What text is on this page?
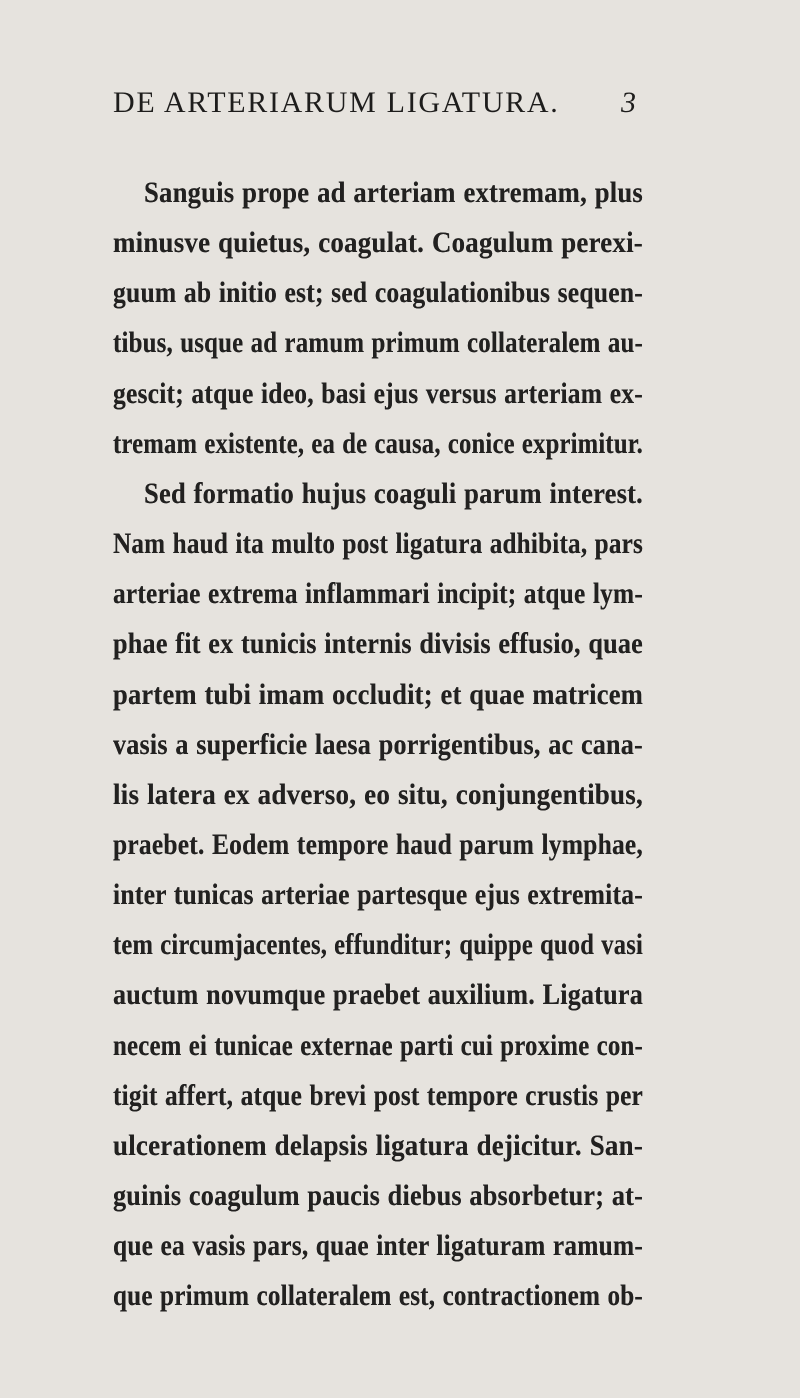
DE ARTERIARUM LIGATURA. 3
Sanguis prope ad arteriam extremam, plus
minusve quietus, coagulat. Coagulum perexi-
guum ab initio est; sed coagulationibus sequen-
tibus, usque ad ramum primum collateralem au-
gescit; atque ideo, basi ejus versus arteriam ex-
tremam existente, ea de causa, conice exprimitur.
Sed formatio hujus coaguli parum interest.
Nam haud ita multo post ligatura adhibita, pars
arteriae extrema inflammari incipit; atque lym-
phae fit ex tunicis internis divisis effusio, quae
partem tubi imam occludit; et quae matricem
vasis a superficie laesa porrigentibus, ac cana-
lis latera ex adverso, eo situ, conjungentibus,
praebet. Eodem tempore haud parum lymphae,
inter tunicas arteriae partesque ejus extremita-
tem circumjacentes, effunditur; quippe quod vasi
auctum novumque praebet auxilium. Ligatura
necem ei tunicae externae parti cui proxime con-
tigit affert, atque brevi post tempore crustis per
ulcerationem delapsis ligatura dejicitur. San-
guinis coagulum paucis diebus absorbetur; at-
que ea vasis pars, quae inter ligaturam ramum-
que primum collateralem est, contractionem ob-
